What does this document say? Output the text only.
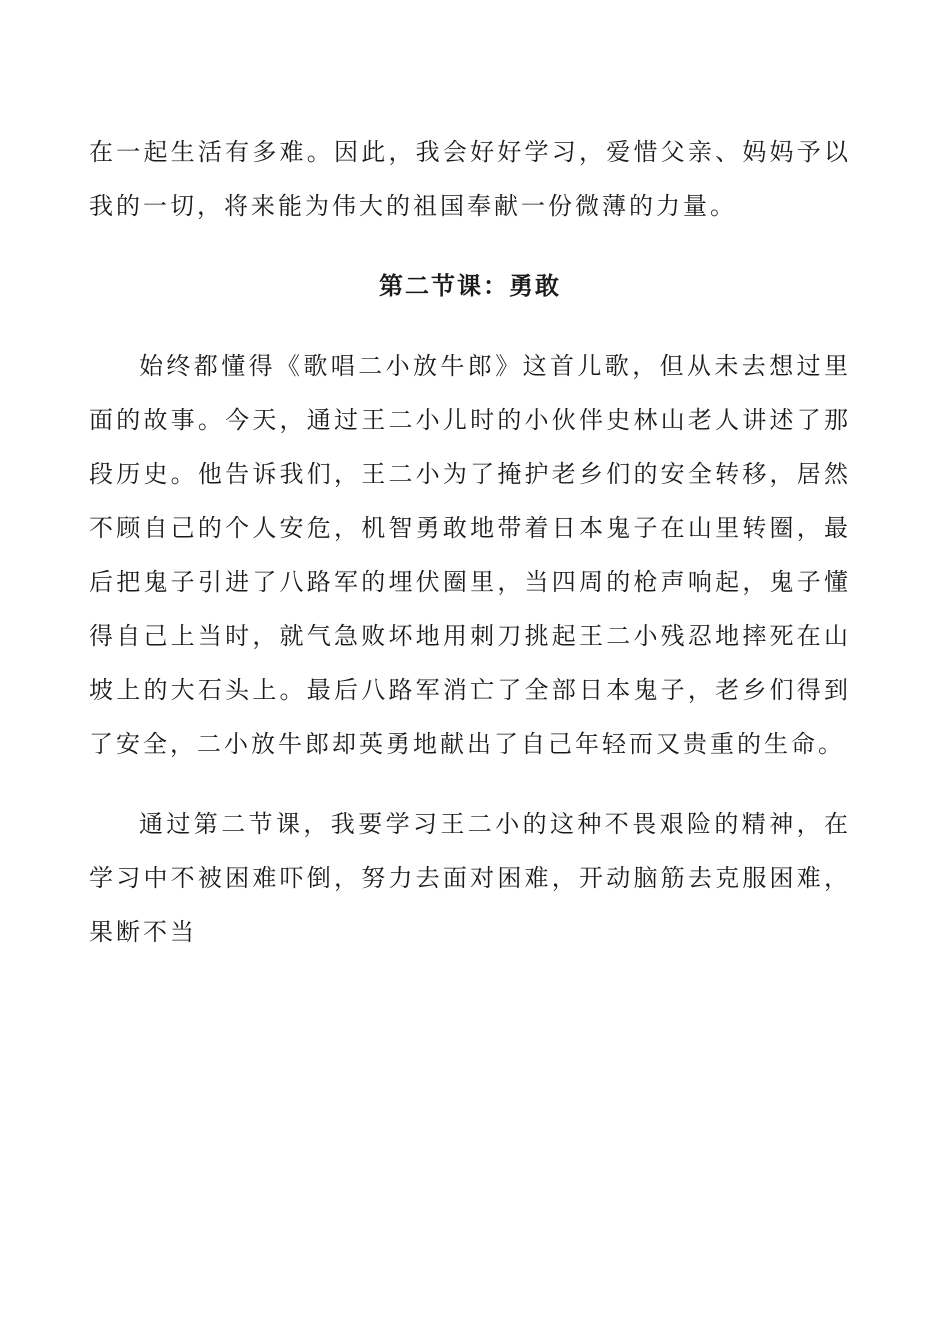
在一起生活有多难。因此，我会好好学习，爱惜父亲、妈妈予以我的一切，将来能为伟大的祖国奉献一份微薄的力量。

第二节课：勇敢

始终都懂得《歌唱二小放牛郎》这首儿歌，但从未去想过里面的故事。今天，通过王二小儿时的小伙伴史林山老人讲述了那段历史。他告诉我们，王二小为了掩护老乡们的安全转移，居然不顾自己的个人安危，机智勇敢地带着日本鬼子在山里转圈，最后把鬼子引进了八路军的埋伏圈里，当四周的枪声响起，鬼子懂得自己上当时，就气急败坏地用刺刀挑起王二小残忍地摔死在山坡上的大石头上。最后八路军消亡了全部日本鬼子，老乡们得到了安全，二小放牛郎却英勇地献出了自己年轻而又贵重的生命。

通过第二节课，我要学习王二小的这种不畏艰险的精神，在学习中不被困难吓倒，努力去面对困难，开动脑筋去克服困难，果断不当
